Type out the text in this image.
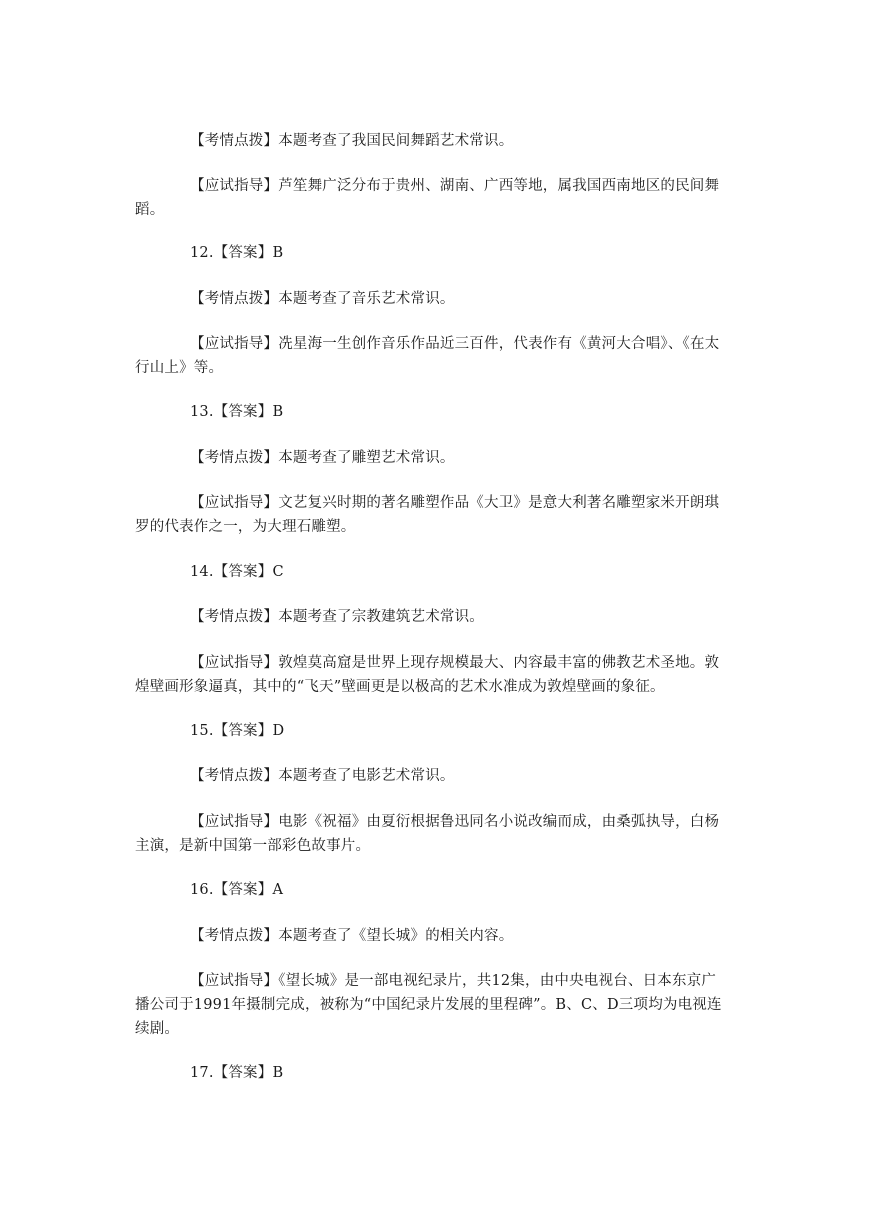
【考情点拨】本题考查了我国民间舞蹈艺术常识。
【应试指导】芦笙舞广泛分布于贵州、湖南、广西等地，属我国西南地区的民间舞
蹈。
12.【答案】B
【考情点拨】本题考查了音乐艺术常识。
【应试指导】冼星海一生创作音乐作品近三百件，代表作有《黄河大合唱》、《在太
行山上》等。
13.【答案】B
【考情点拨】本题考查了雕塑艺术常识。
【应试指导】文艺复兴时期的著名雕塑作品《大卫》是意大利著名雕塑家米开朗琪
罗的代表作之一，为大理石雕塑。
14.【答案】C
【考情点拨】本题考查了宗教建筑艺术常识。
【应试指导】敦煌莫高窟是世界上现存规模最大、内容最丰富的佛教艺术圣地。敦
煌壁画形象逼真，其中的“飞天”壁画更是以极高的艺术水准成为敦煌壁画的象征。
15.【答案】D
【考情点拨】本题考查了电影艺术常识。
【应试指导】电影《祝福》由夏衍根据鲁迅同名小说改编而成，由桑弧执导，白杨
主演，是新中国第一部彩色故事片。
16.【答案】A
【考情点拨】本题考查了《望长城》的相关内容。
【应试指导】《望长城》是一部电视纪录片，共12集，由中央电视台、日本东京广
播公司于1991年摄制完成，被称为“中国纪录片发展的里程碑”。B、C、D三项均为电视连
续剧。
17.【答案】B
